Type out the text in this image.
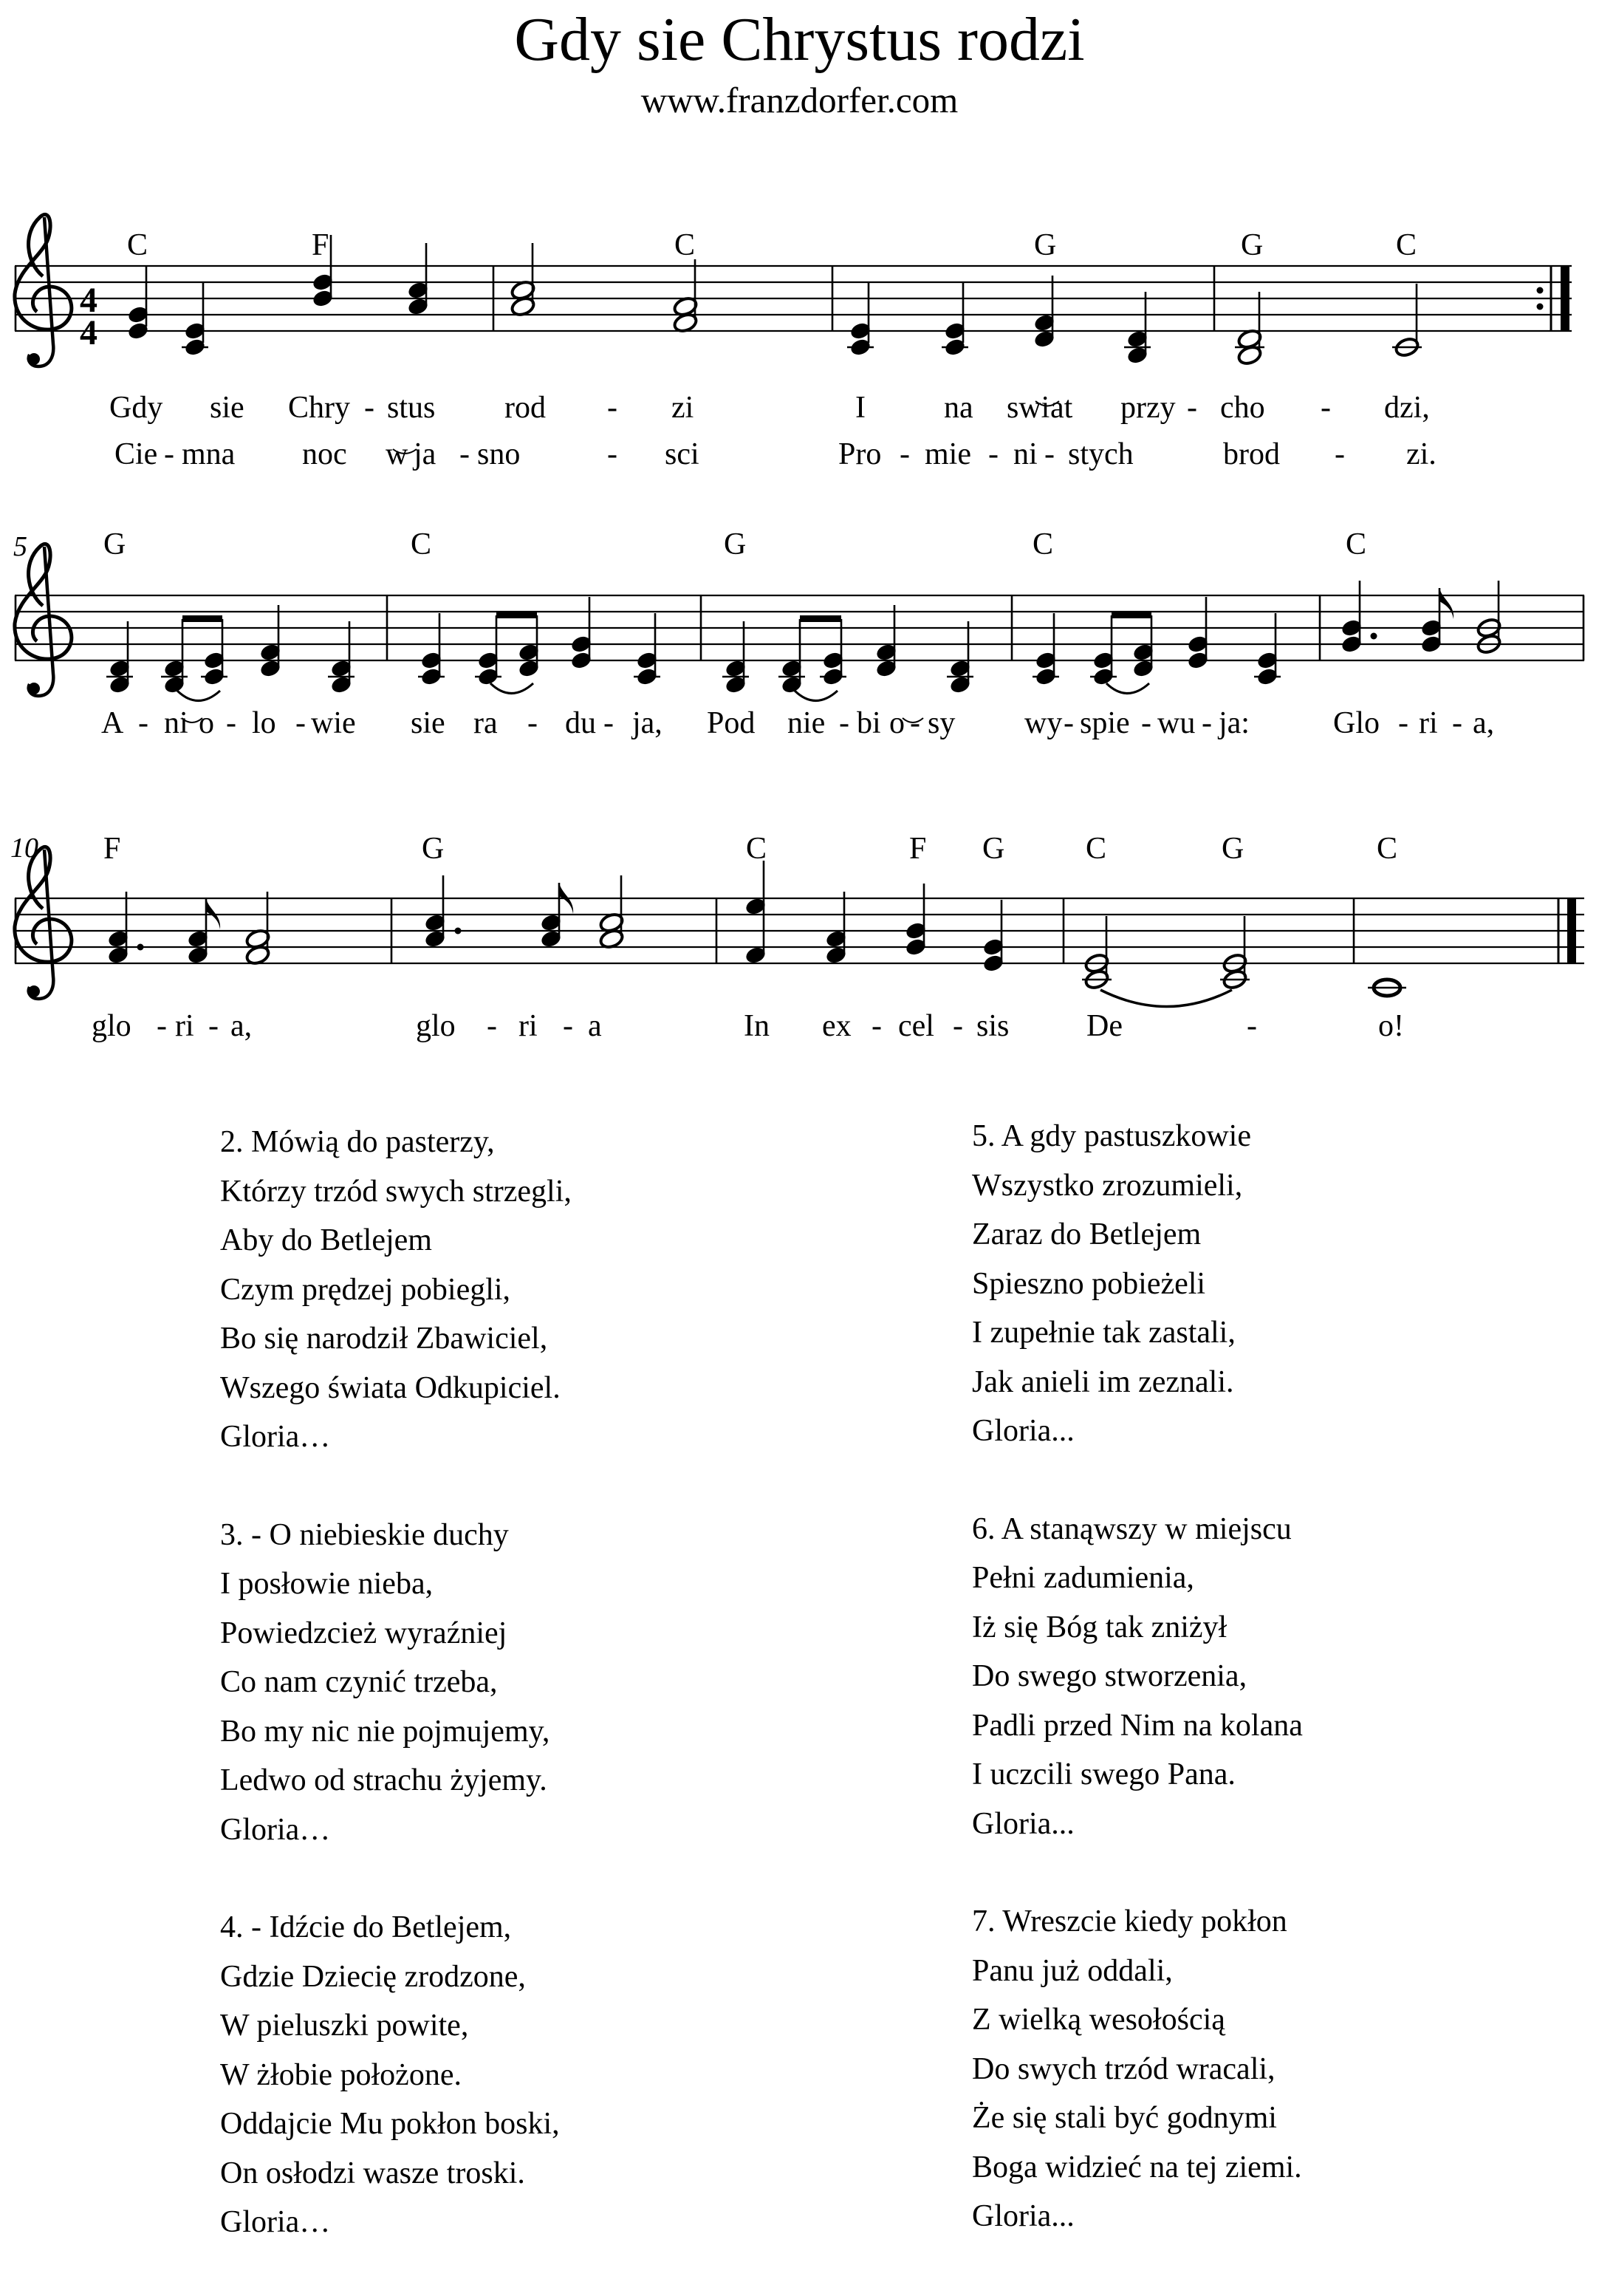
Gdy sie Chrystus rodzi
www.franzdorfer.com
4
4
C	F	C	G	G	C
Gdy sie Chry - stus rod - zi	I	na swi at przy - cho - dzi,
Cie - mna noc w ja - sno	- sci	Pro - mie - ni - stych	brod - zi.
5 G	C	G	C	C
A - ni o - lo - wie sie ra - du - ja, Pod nie - bi o - sy wy - spie - wu - ja:	Glo - ri - a,
10 F	G	C	F G	C	G	C
glo - ri - a,	glo - ri - a	In ex - cel - sis De	-	o!
2. Mówią do pasterzy,
Którzy trzód swych strzegli,
Aby do Betlejem
Czym prędzej pobiegli,
Bo się narodził Zbawiciel,
Wszego świata Odkupiciel.
Gloria…
3. - O niebieskie duchy
I posłowie nieba,
Powiedzcież wyraźniej
Co nam czynić trzeba,
Bo my nic nie pojmujemy,
Ledwo od strachu żyjemy.
Gloria…
4. - Idźcie do Betlejem,
Gdzie Dziecię zrodzone,
W pieluszki powite,
W żłobie położone.
Oddajcie Mu pokłon boski,
On osłodzi wasze troski.
Gloria…
5. A gdy pastuszkowie
Wszystko zrozumieli,
Zaraz do Betlejem
Spieszno pobieżeli
I zupełnie tak zastali,
Jak anieli im zeznali.
Gloria...
6. A stanąwszy w miejscu
Pełni zadumienia,
Iż się Bóg tak zniżył
Do swego stworzenia,
Padli przed Nim na kolana
I uczcili swego Pana.
Gloria...
7. Wreszcie kiedy pokłon
Panu już oddali,
Z wielką wesołością
Do swych trzód wracali,
Że się stali być godnymi
Boga widzieć na tej ziemi.
Gloria...
